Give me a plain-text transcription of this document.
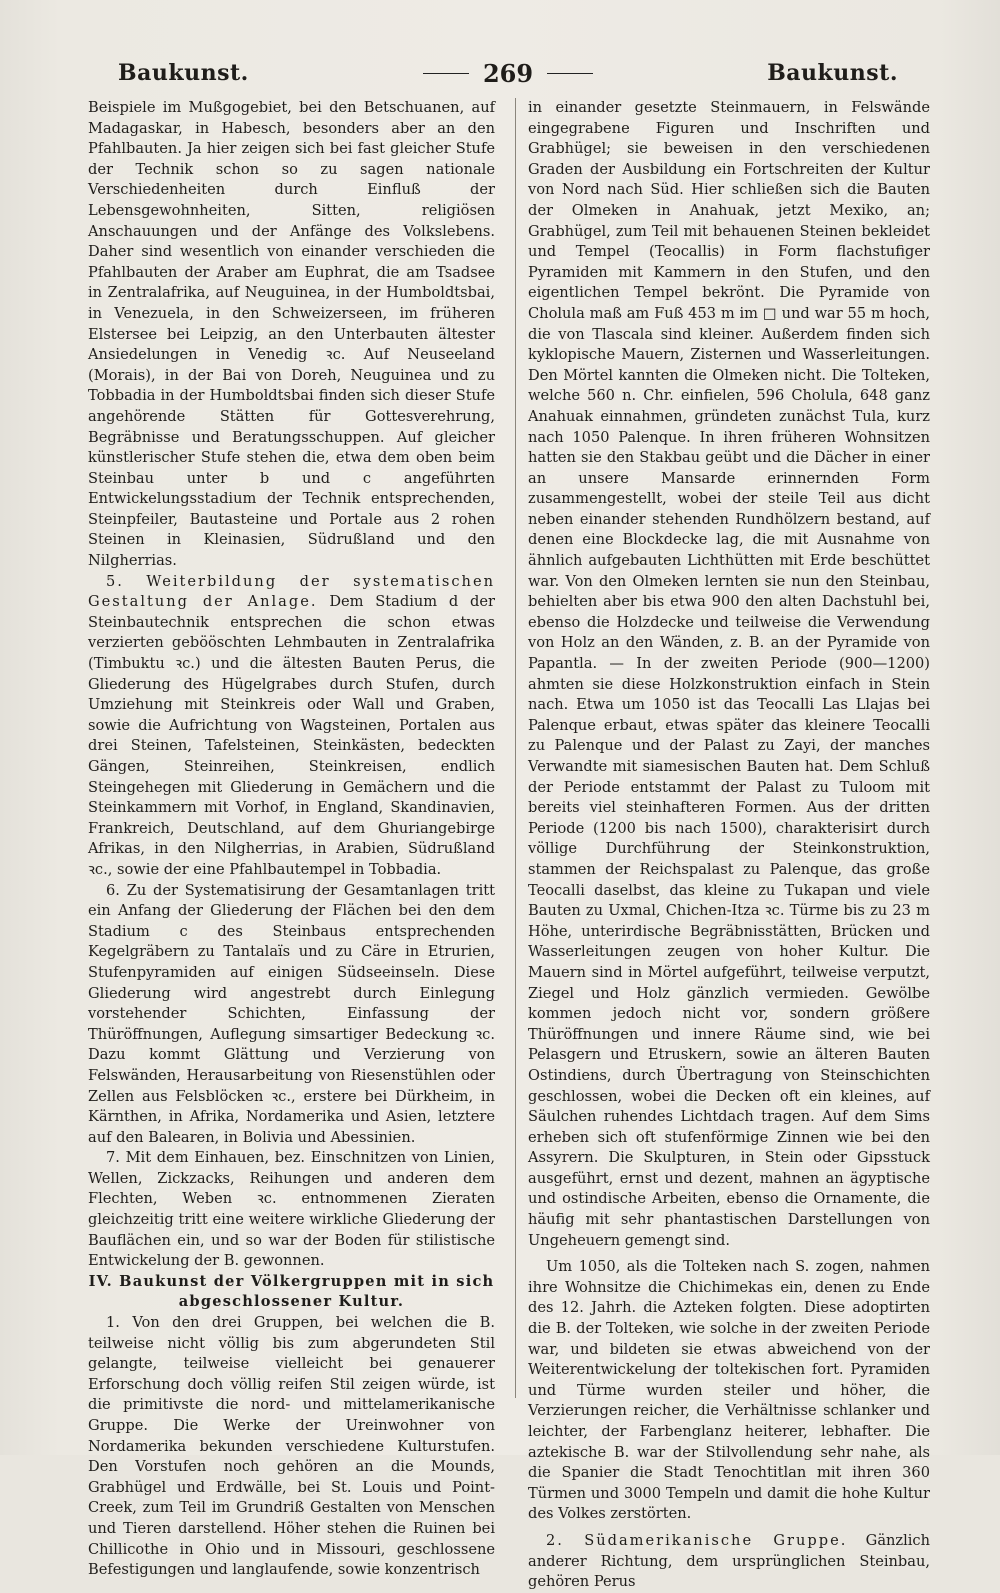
Baukunst.	269	Baukunst.

Beispiele im Mußgogebiet, bei den Betschuanen, auf Madagaskar, in Habesch, besonders aber an den Pfahlbauten. Ja hier zeigen sich bei fast gleicher Stufe der Technik schon so zu sagen nationale Verschiedenheiten durch Einfluß der Lebensgewohnheiten, Sitten, religiösen Anschauungen und der Anfänge des Volkslebens. Daher sind wesentlich von einander verschieden die Pfahlbauten der Araber am Euphrat, die am Tsadsee in Zentralafrika, auf Neuguinea, in der Humboldtsbai, in Venezuela, in den Schweizerseen, im früheren Elstersee bei Leipzig, an den Unterbauten ältester Ansiedelungen in Venedig ꝛc. Auf Neuseeland (Morais), in der Bai von Doreh, Neuguinea und zu Tobbadia in der Humboldtsbai finden sich dieser Stufe angehörende Stätten für Gottesverehrung, Begräbnisse und Beratungsschuppen. Auf gleicher künstlerischer Stufe stehen die, etwa dem oben beim Steinbau unter b und c angeführten Entwickelungsstadium der Technik entsprechenden, Steinpfeiler, Bautasteine und Portale aus 2 rohen Steinen in Kleinasien, Südrußland und den Nilgherrias.

5. Weiterbildung der systematischen Gestaltung der Anlage. Dem Stadium d der Steinbautechnik entsprechen die schon etwas verzierten gebööschten Lehmbauten in Zentralafrika (Timbuktu ꝛc.) und die ältesten Bauten Perus, die Gliederung des Hügelgrabes durch Stufen, durch Umziehung mit Steinkreis oder Wall und Graben, sowie die Aufrichtung von Wagsteinen, Portalen aus drei Steinen, Tafelsteinen, Steinkästen, bedeckten Gängen, Steinreihen, Steinkreisen, endlich Steingehegen mit Gliederung in Gemächern und die Steinkammern mit Vorhof, in England, Skandinavien, Frankreich, Deutschland, auf dem Ghuriangebirge Afrikas, in den Nilgherrias, in Arabien, Südrußland ꝛc., sowie der eine Pfahlbautempel in Tobbadia.

6. Zu der Systematisirung der Gesamtanlagen tritt ein Anfang der Gliederung der Flächen bei den dem Stadium c des Steinbaus entsprechenden Kegelgräbern zu Tantalaïs und zu Cäre in Etrurien, Stufenpyramiden auf einigen Südseeinseln. Diese Gliederung wird angestrebt durch Einlegung vorstehender Schichten, Einfassung der Thüröffnungen, Auflegung simsartiger Bedeckung ꝛc. Dazu kommt Glättung und Verzierung von Felswänden, Herausarbeitung von Riesenstühlen oder Zellen aus Felsblöcken ꝛc., erstere bei Dürkheim, in Kärnthen, in Afrika, Nordamerika und Asien, letztere auf den Balearen, in Bolivia und Abessinien.

7. Mit dem Einhauen, bez. Einschnitzen von Linien, Wellen, Zickzacks, Reihungen und anderen dem Flechten, Weben ꝛc. entnommenen Zieraten gleichzeitig tritt eine weitere wirkliche Gliederung der Bauflächen ein, und so war der Boden für stilistische Entwickelung der B. gewonnen.

IV. Baukunst der Völkergruppen mit in sich abgeschlossener Kultur.

1. Von den drei Gruppen, bei welchen die B. teilweise nicht völlig bis zum abgerundeten Stil gelangte, teilweise vielleicht bei genauerer Erforschung doch völlig reifen Stil zeigen würde, ist die primitivste die nord- und mittelamerikanische Gruppe. Die Werke der Ureinwohner von Nordamerika bekunden verschiedene Kulturstufen. Den Vorstufen noch gehören an die Mounds, Grabhügel und Erdwälle, bei St. Louis und Point-Creek, zum Teil im Grundriß Gestalten von Menschen und Tieren darstellend. Höher stehen die Ruinen bei Chillicothe in Ohio und in Missouri, geschlossene Befestigungen und langlaufende, sowie konzentrisch

in einander gesetzte Steinmauern, in Felswände eingegrabene Figuren und Inschriften und Grabhügel; sie beweisen in den verschiedenen Graden der Ausbildung ein Fortschreiten der Kultur von Nord nach Süd. Hier schließen sich die Bauten der Olmeken in Anahuak, jetzt Mexiko, an; Grabhügel, zum Teil mit behauenen Steinen bekleidet und Tempel (Teocallis) in Form flachstufiger Pyramiden mit Kammern in den Stufen, und den eigentlichen Tempel bekrönt. Die Pyramide von Cholula maß am Fuß 453 m im □ und war 55 m hoch, die von Tlascala sind kleiner. Außerdem finden sich kyklopische Mauern, Zisternen und Wasserleitungen. Den Mörtel kannten die Olmeken nicht. Die Tolteken, welche 560 n. Chr. einfielen, 596 Cholula, 648 ganz Anahuak einnahmen, gründeten zunächst Tula, kurz nach 1050 Palenque. In ihren früheren Wohnsitzen hatten sie den Stakbau geübt und die Dächer in einer an unsere Mansarde erinnernden Form zusammengestellt, wobei der steile Teil aus dicht neben einander stehenden Rundhölzern bestand, auf denen eine Blockdecke lag, die mit Ausnahme von ähnlich aufgebauten Lichthütten mit Erde beschüttet war. Von den Olmeken lernten sie nun den Steinbau, behielten aber bis etwa 900 den alten Dachstuhl bei, ebenso die Holzdecke und teilweise die Verwendung von Holz an den Wänden, z. B. an der Pyramide von Papantla. — In der zweiten Periode (900—1200) ahmten sie diese Holzkonstruktion einfach in Stein nach. Etwa um 1050 ist das Teocalli Las Llajas bei Palenque erbaut, etwas später das kleinere Teocalli zu Palenque und der Palast zu Zayi, der manches Verwandte mit siamesischen Bauten hat. Dem Schluß der Periode entstammt der Palast zu Tuloom mit bereits viel steinhafteren Formen. Aus der dritten Periode (1200 bis nach 1500), charakterisirt durch völlige Durchführung der Steinkonstruktion, stammen der Reichspalast zu Palenque, das große Teocalli daselbst, das kleine zu Tukapan und viele Bauten zu Uxmal, Chichen-Itza ꝛc. Türme bis zu 23 m Höhe, unterirdische Begräbnisstätten, Brücken und Wasserleitungen zeugen von hoher Kultur. Die Mauern sind in Mörtel aufgeführt, teilweise verputzt, Ziegel und Holz gänzlich vermieden. Gewölbe kommen jedoch nicht vor, sondern größere Thüröffnungen und innere Räume sind, wie bei Pelasgern und Etruskern, sowie an älteren Bauten Ostindiens, durch Übertragung von Steinschichten geschlossen, wobei die Decken oft ein kleines, auf Säulchen ruhendes Lichtdach tragen. Auf dem Sims erheben sich oft stufenförmige Zinnen wie bei den Assyrern. Die Skulpturen, in Stein oder Gipsstuck ausgeführt, ernst und dezent, mahnen an ägyptische und ostindische Arbeiten, ebenso die Ornamente, die häufig mit sehr phantastischen Darstellungen von Ungeheuern gemengt sind.

Um 1050, als die Tolteken nach S. zogen, nahmen ihre Wohnsitze die Chichimekas ein, denen zu Ende des 12. Jahrh. die Azteken folgten. Diese adoptirten die B. der Tolteken, wie solche in der zweiten Periode war, und bildeten sie etwas abweichend von der Weiterentwickelung der toltekischen fort. Pyramiden und Türme wurden steiler und höher, die Verzierungen reicher, die Verhältnisse schlanker und leichter, der Farbenglanz heiterer, lebhafter. Die aztekische B. war der Stilvollendung sehr nahe, als die Spanier die Stadt Tenochtitlan mit ihren 360 Türmen und 3000 Tempeln und damit die hohe Kultur des Volkes zerstörten.

2. Südamerikanische Gruppe. Gänzlich anderer Richtung, dem ursprünglichen Steinbau, gehören Perus
